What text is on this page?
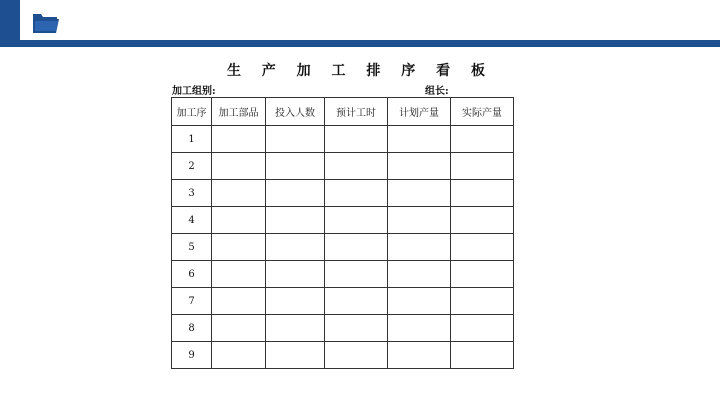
生 产 加 工 排 序 看 板
加工组别:	组长:
加工序	加工部品	投入人数	预计工时	计划产量	实际产量
1					
2					
3					
4					
5					
6					
7					
8					
9					
